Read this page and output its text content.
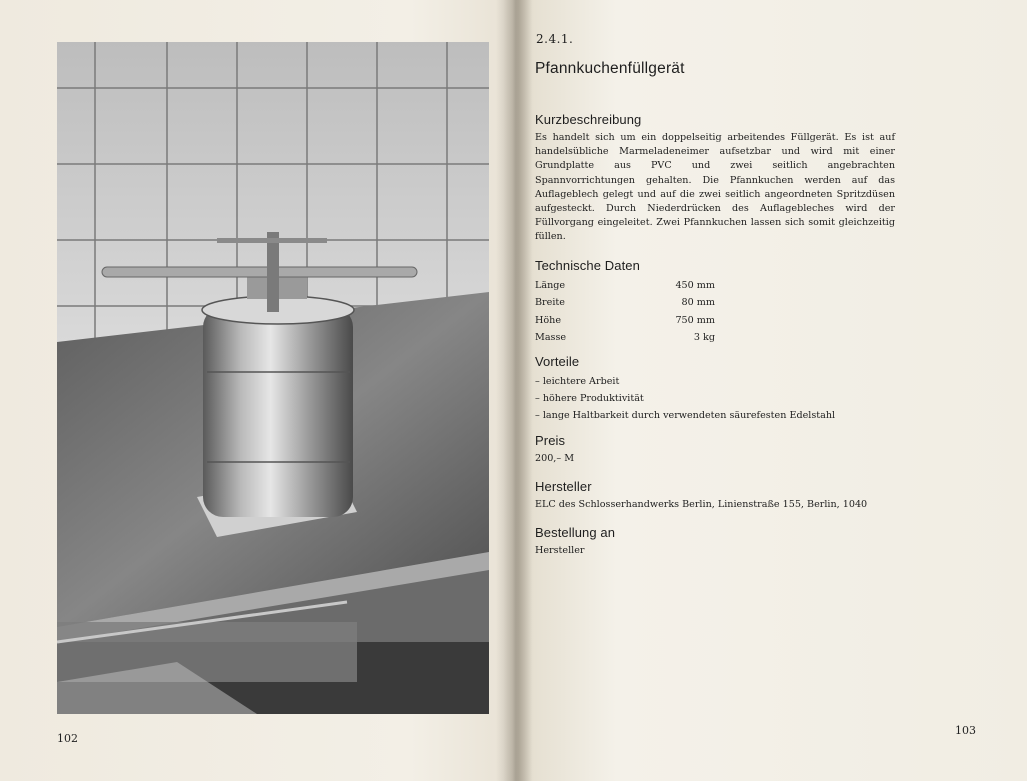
102
2.4.1.
Pfannkuchenfüllgerät
Kurzbeschreibung

Es handelt sich um ein doppelseitig arbeitendes Füllgerät. Es ist auf handelsübliche Marmeladeneimer aufsetzbar und wird mit einer Grundplatte aus PVC und zwei seitlich angebrachten Spannvorrichtungen gehalten. Die Pfannkuchen werden auf das Auflageblech gelegt und auf die zwei seitlich angeordneten Spritzdüsen aufgesteckt. Durch Niederdrücken des Auflagebleches wird der Füllvorgang eingeleitet. Zwei Pfannkuchen lassen sich somit gleichzeitig füllen.

Technische Daten
Länge	450 mm
Breite	80 mm
Höhe	750 mm
Masse	3 kg
Vorteile
– leichtere Arbeit
– höhere Produktivität
– lange Haltbarkeit durch verwendeten säurefesten Edelstahl
Preis
200,– M
Hersteller
ELC des Schlosserhandwerks Berlin, Linienstraße 155, Berlin, 1040
Bestellung an
Hersteller
103
